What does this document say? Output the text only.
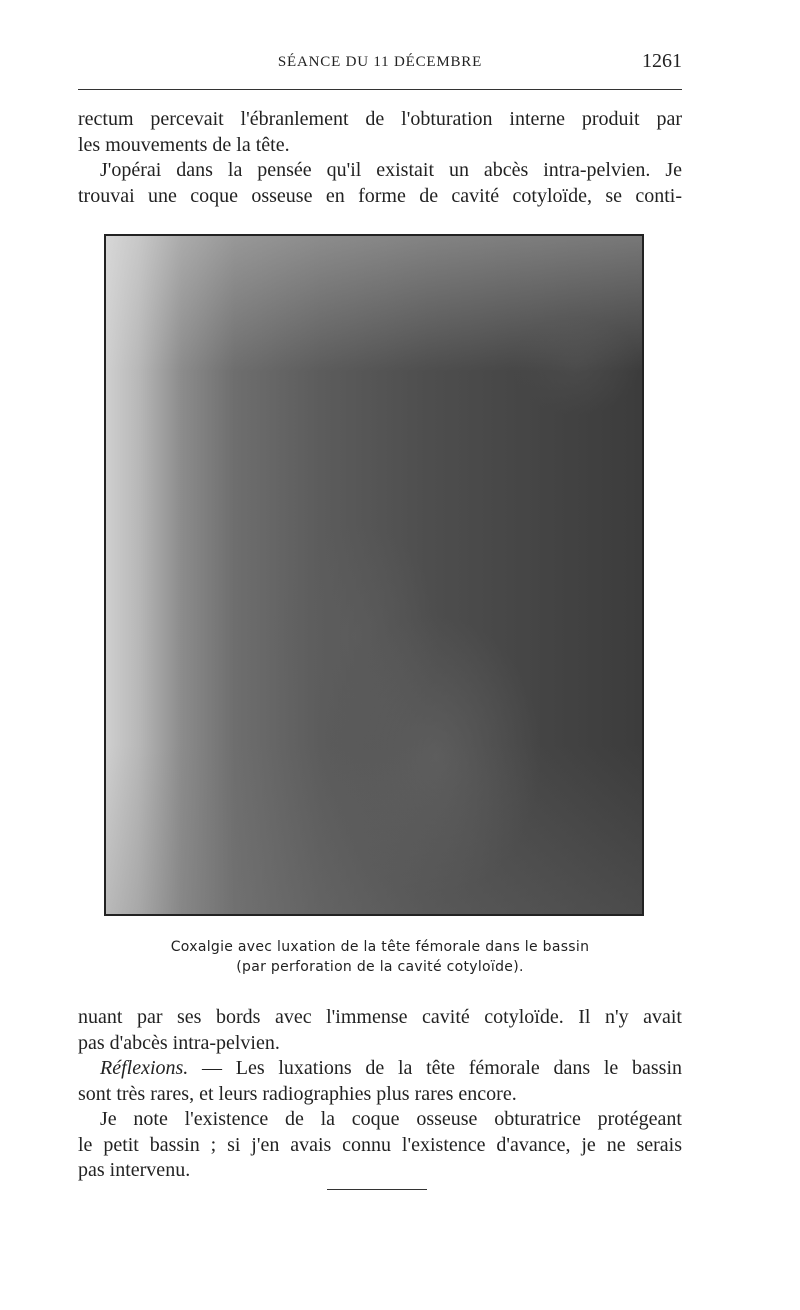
SÉANCE DU 11 DÉCEMBRE	1261
rectum percevait l'ébranlement de l'obturation interne produit par
les mouvements de la tête.
J'opérai dans la pensée qu'il existait un abcès intra-pelvien. Je
trouvai une coque osseuse en forme de cavité cotyloïde, se conti-
Coxalgie avec luxation de la tête fémorale dans le bassin
(par perforation de la cavité cotyloïde).
nuant par ses bords avec l'immense cavité cotyloïde. Il n'y avait
pas d'abcès intra-pelvien.
Réflexions. — Les luxations de la tête fémorale dans le bassin
sont très rares, et leurs radiographies plus rares encore.
Je note l'existence de la coque osseuse obturatrice protégeant
le petit bassin ; si j'en avais connu l'existence d'avance, je ne serais
pas intervenu.
